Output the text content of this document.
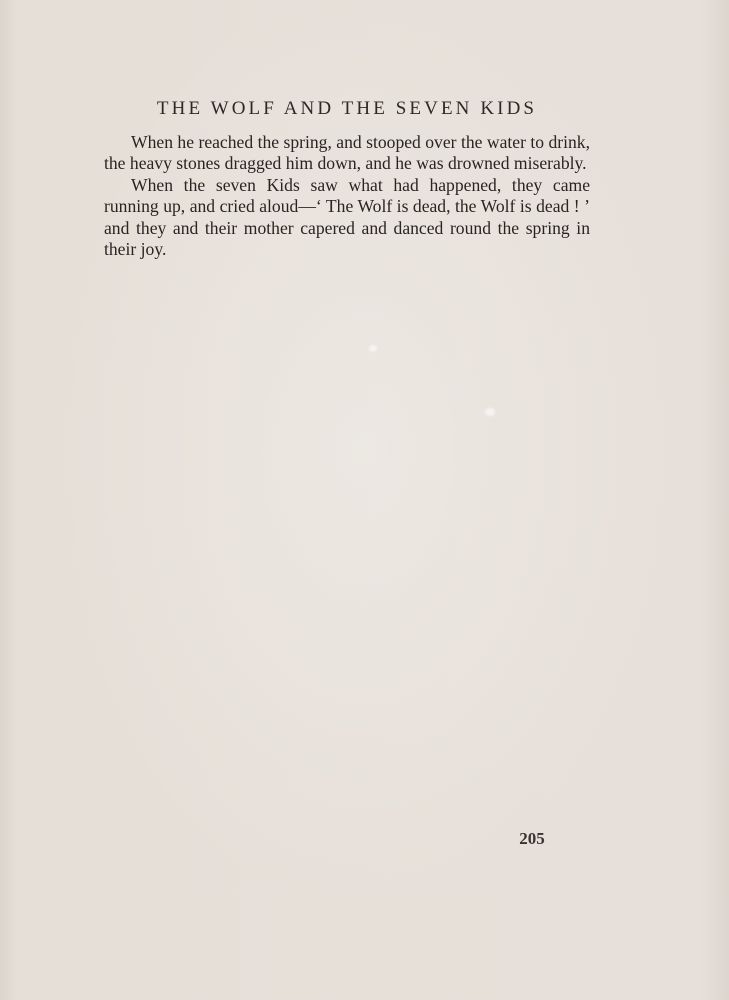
THE WOLF AND THE SEVEN KIDS

When he reached the spring, and stooped over the water to drink, the heavy stones dragged him down, and he was drowned miserably.

When the seven Kids saw what had happened, they came running up, and cried aloud—‘ The Wolf is dead, the Wolf is dead ! ’ and they and their mother capered and danced round the spring in their joy.

205
